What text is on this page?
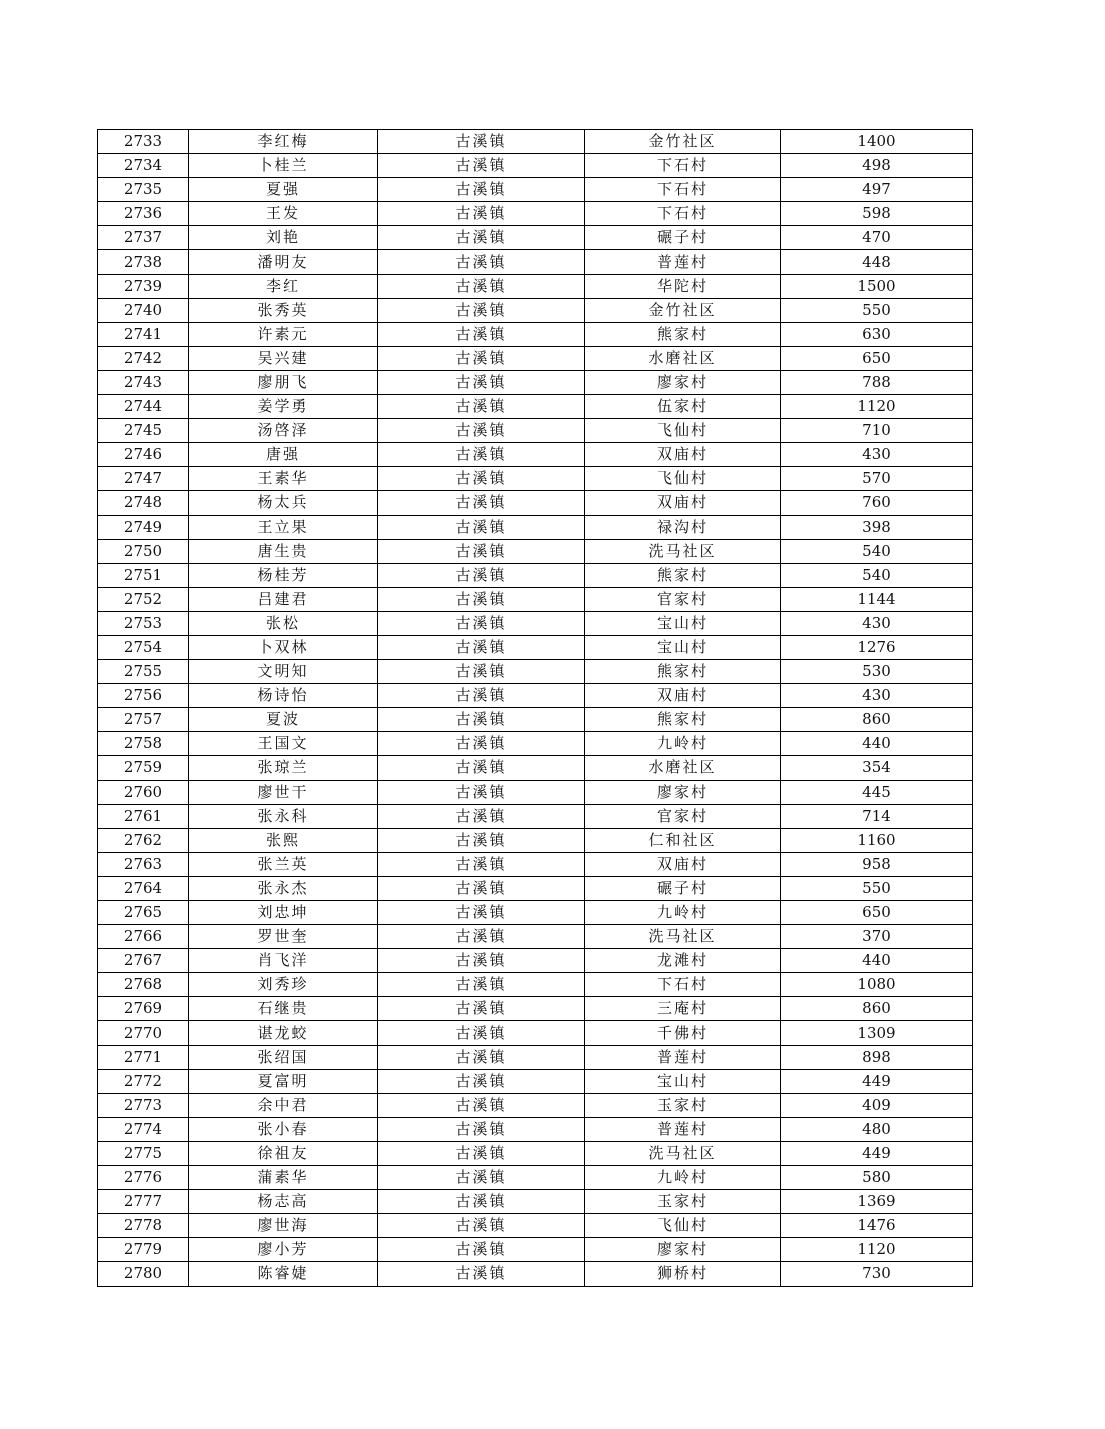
2733	李红梅	古溪镇	金竹社区	1400
2734	卜桂兰	古溪镇	下石村	498
2735	夏强	古溪镇	下石村	497
2736	王发	古溪镇	下石村	598
2737	刘艳	古溪镇	碾子村	470
2738	潘明友	古溪镇	普莲村	448
2739	李红	古溪镇	华陀村	1500
2740	张秀英	古溪镇	金竹社区	550
2741	许素元	古溪镇	熊家村	630
2742	吴兴建	古溪镇	水磨社区	650
2743	廖朋飞	古溪镇	廖家村	788
2744	姜学勇	古溪镇	伍家村	1120
2745	汤啓泽	古溪镇	飞仙村	710
2746	唐强	古溪镇	双庙村	430
2747	王素华	古溪镇	飞仙村	570
2748	杨太兵	古溪镇	双庙村	760
2749	王立果	古溪镇	禄沟村	398
2750	唐生贵	古溪镇	洗马社区	540
2751	杨桂芳	古溪镇	熊家村	540
2752	吕建君	古溪镇	官家村	1144
2753	张松	古溪镇	宝山村	430
2754	卜双林	古溪镇	宝山村	1276
2755	文明知	古溪镇	熊家村	530
2756	杨诗怡	古溪镇	双庙村	430
2757	夏波	古溪镇	熊家村	860
2758	王国文	古溪镇	九岭村	440
2759	张琼兰	古溪镇	水磨社区	354
2760	廖世干	古溪镇	廖家村	445
2761	张永科	古溪镇	官家村	714
2762	张熙	古溪镇	仁和社区	1160
2763	张兰英	古溪镇	双庙村	958
2764	张永杰	古溪镇	碾子村	550
2765	刘忠坤	古溪镇	九岭村	650
2766	罗世奎	古溪镇	洗马社区	370
2767	肖飞洋	古溪镇	龙滩村	440
2768	刘秀珍	古溪镇	下石村	1080
2769	石继贵	古溪镇	三庵村	860
2770	谌龙蛟	古溪镇	千佛村	1309
2771	张绍国	古溪镇	普莲村	898
2772	夏富明	古溪镇	宝山村	449
2773	余中君	古溪镇	玉家村	409
2774	张小春	古溪镇	普莲村	480
2775	徐祖友	古溪镇	洗马社区	449
2776	蒲素华	古溪镇	九岭村	580
2777	杨志高	古溪镇	玉家村	1369
2778	廖世海	古溪镇	飞仙村	1476
2779	廖小芳	古溪镇	廖家村	1120
2780	陈睿婕	古溪镇	狮桥村	730
